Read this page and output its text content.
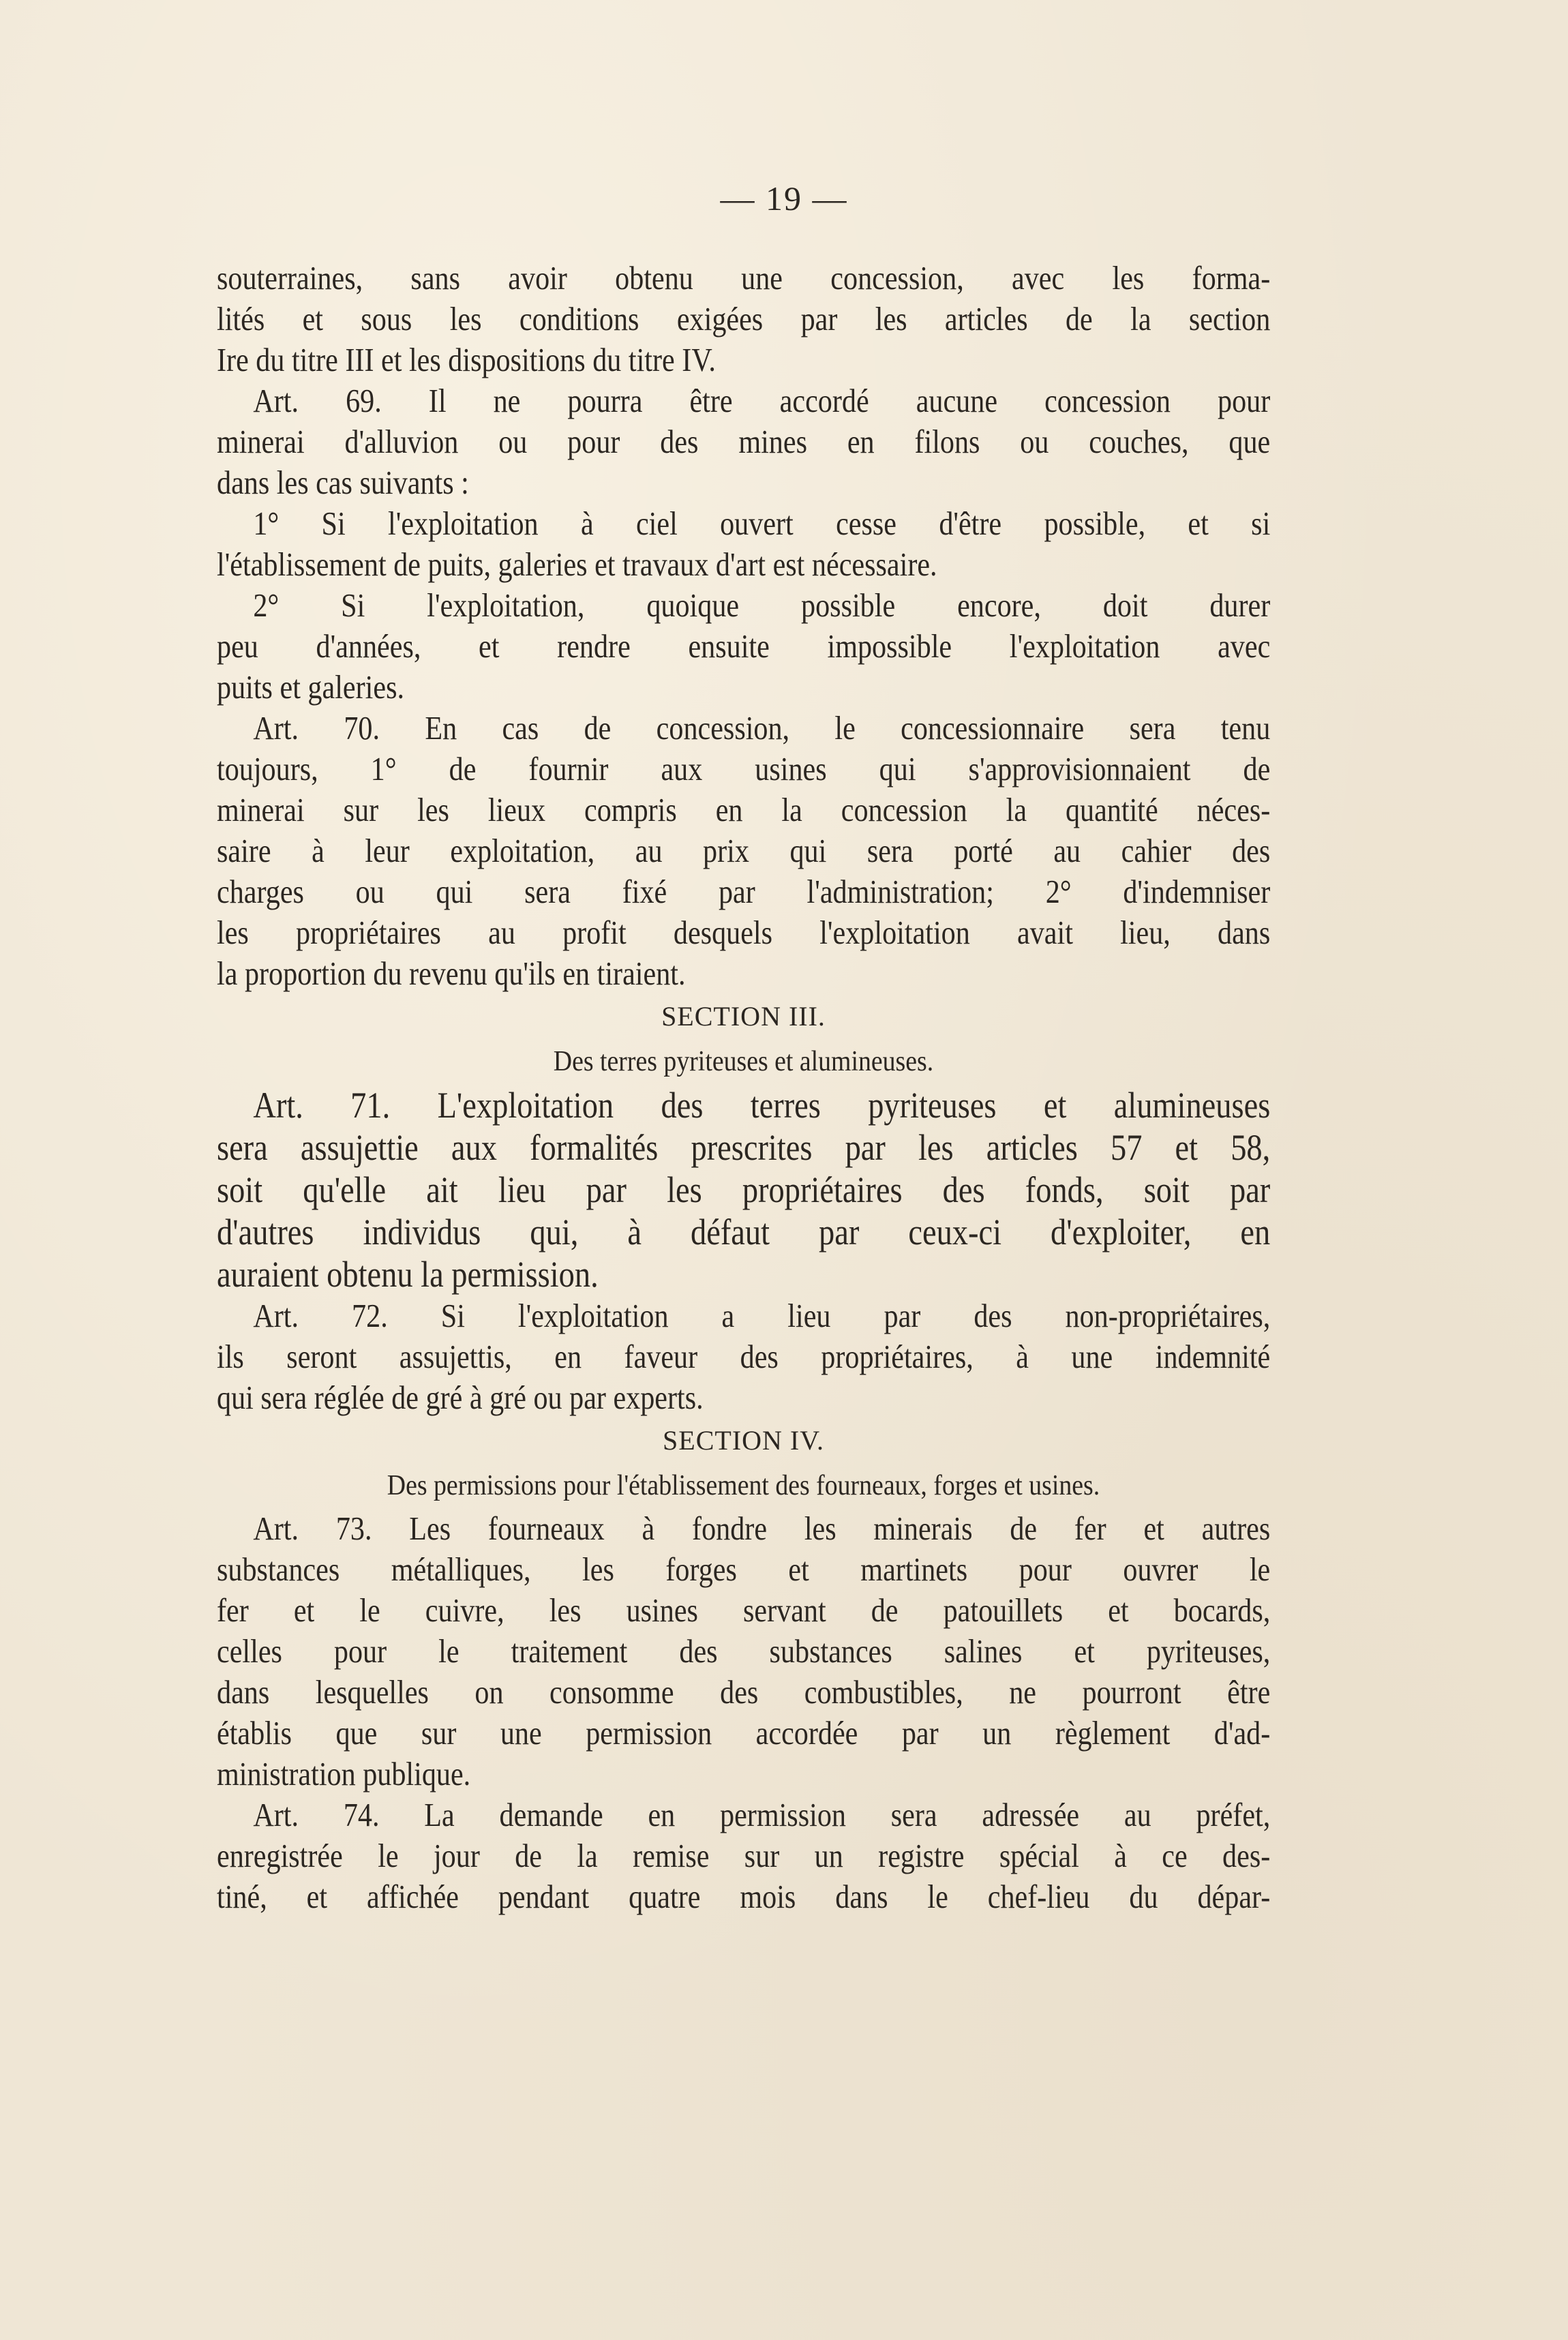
— 19 —
souterraines, sans avoir obtenu une concession, avec les forma-
lités et sous les conditions exigées par les articles de la section
Ire du titre III et les dispositions du titre IV.
Art. 69. Il ne pourra être accordé aucune concession pour
minerai d'alluvion ou pour des mines en filons ou couches, que
dans les cas suivants :
1° Si l'exploitation à ciel ouvert cesse d'être possible, et si
l'établissement de puits, galeries et travaux d'art est nécessaire.
2° Si l'exploitation, quoique possible encore, doit durer
peu d'années, et rendre ensuite impossible l'exploitation avec
puits et galeries.
Art. 70. En cas de concession, le concessionnaire sera tenu
toujours, 1° de fournir aux usines qui s'approvisionnaient de
minerai sur les lieux compris en la concession la quantité néces-
saire à leur exploitation, au prix qui sera porté au cahier des
charges ou qui sera fixé par l'administration; 2° d'indemniser
les propriétaires au profit desquels l'exploitation avait lieu, dans
la proportion du revenu qu'ils en tiraient.
SECTION III.
Des terres pyriteuses et alumineuses.
Art. 71. L'exploitation des terres pyriteuses et alumineuses
sera assujettie aux formalités prescrites par les articles 57 et 58,
soit qu'elle ait lieu par les propriétaires des fonds, soit par
d'autres individus qui, à défaut par ceux-ci d'exploiter, en
auraient obtenu la permission.
Art. 72. Si l'exploitation a lieu par des non-propriétaires,
ils seront assujettis, en faveur des propriétaires, à une indemnité
qui sera réglée de gré à gré ou par experts.
SECTION IV.
Des permissions pour l'établissement des fourneaux, forges et usines.
Art. 73. Les fourneaux à fondre les minerais de fer et autres
substances métalliques, les forges et martinets pour ouvrer le
fer et le cuivre, les usines servant de patouillets et bocards,
celles pour le traitement des substances salines et pyriteuses,
dans lesquelles on consomme des combustibles, ne pourront être
établis que sur une permission accordée par un règlement d'ad-
ministration publique.
Art. 74. La demande en permission sera adressée au préfet,
enregistrée le jour de la remise sur un registre spécial à ce des-
tiné, et affichée pendant quatre mois dans le chef-lieu du dépar-
